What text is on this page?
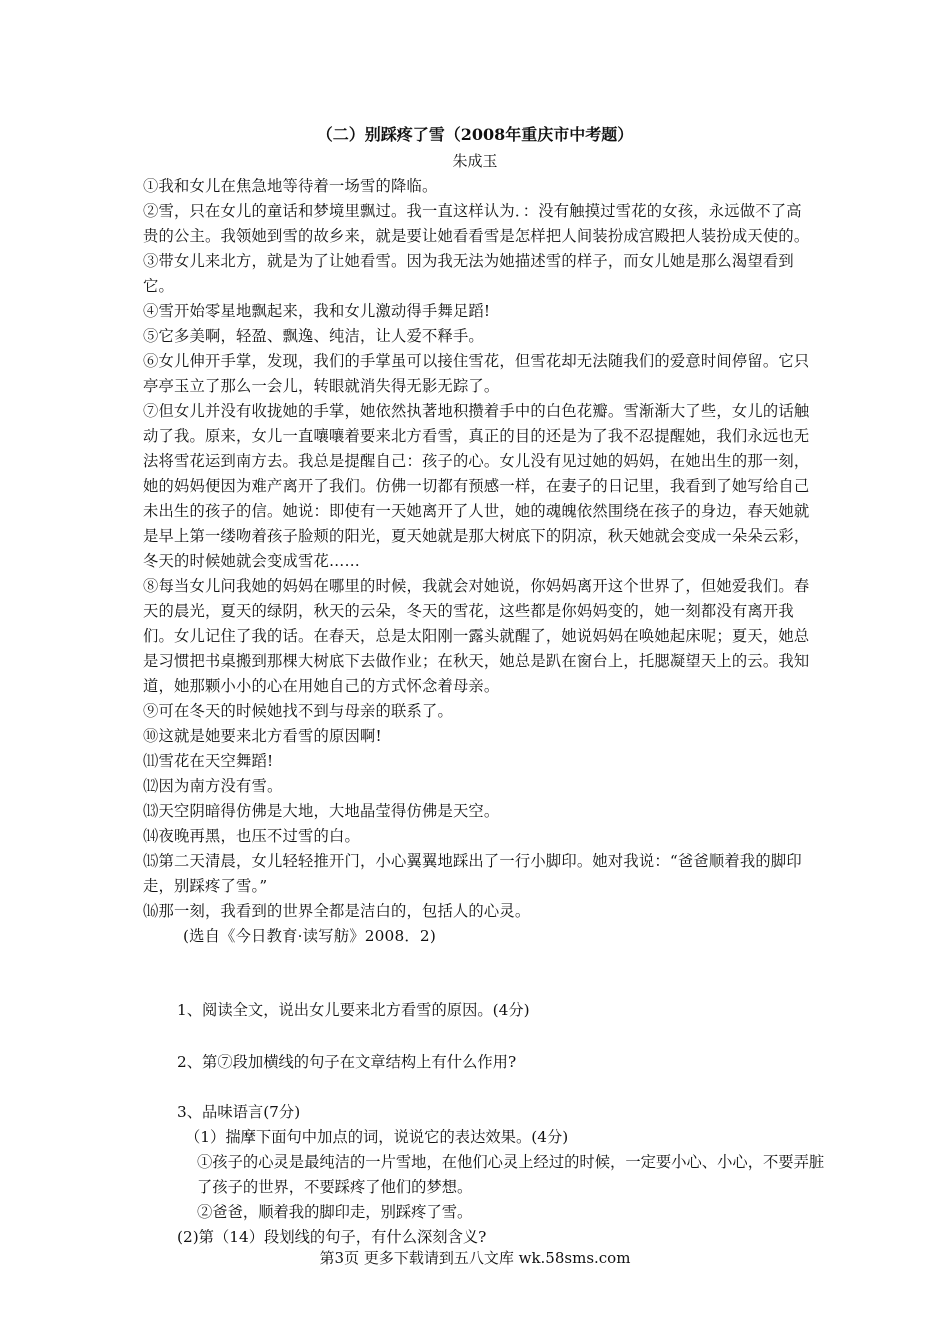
（二）别踩疼了雪（2008年重庆市中考题）
朱成玉

①我和女儿在焦急地等待着一场雪的降临。

②雪，只在女儿的童话和梦境里飘过。我一直这样认为．：没有触摸过雪花的女孩，永远做不了高贵的公主。我领她到雪的故乡来，就是要让她看看雪是怎样把人间装扮成宫殿把人装扮成天使的。

③带女儿来北方，就是为了让她看雪。因为我无法为她描述雪的样子，而女儿她是那么渴望看到它。

④雪开始零星地飘起来，我和女儿激动得手舞足蹈!

⑤它多美啊，轻盈、飘逸、纯洁，让人爱不释手。

⑥女儿伸开手掌，发现，我们的手掌虽可以接住雪花，但雪花却无法随我们的爱意时间停留。它只亭亭玉立了那么一会儿，转眼就消失得无影无踪了。

⑦但女儿并没有收拢她的手掌，她依然执著地积攒着手中的白色花瓣。雪渐渐大了些，女儿的话触动了我。原来，女儿一直嚷嚷着要来北方看雪，真正的目的还是为了我不忍提醒她，我们永远也无法将雪花运到南方去。我总是提醒自己：孩子的心。女儿没有见过她的妈妈，在她出生的那一刻，她的妈妈便因为难产离开了我们。仿佛一切都有预感一样，在妻子的日记里，我看到了她写给自己未出生的孩子的信。她说：即使有一天她离开了人世，她的魂魄依然围绕在孩子的身边，春天她就是早上第一缕吻着孩子脸颊的阳光，夏天她就是那大树底下的阴凉，秋天她就会变成一朵朵云彩，冬天的时候她就会变成雪花……

⑧每当女儿问我她的妈妈在哪里的时候，我就会对她说，你妈妈离开这个世界了，但她爱我们。春天的晨光，夏天的绿阴，秋天的云朵，冬天的雪花，这些都是你妈妈变的，她一刻都没有离开我们。女儿记住了我的话。在春天，总是太阳刚一露头就醒了，她说妈妈在唤她起床呢；夏天，她总是习惯把书桌搬到那棵大树底下去做作业；在秋天，她总是趴在窗台上，托腮凝望天上的云。我知道，她那颗小小的心在用她自己的方式怀念着母亲。

⑨可在冬天的时候她找不到与母亲的联系了。

⑩这就是她要来北方看雪的原因啊!

⑾雪花在天空舞蹈!

⑿因为南方没有雪。

⒀天空阴暗得仿佛是大地，大地晶莹得仿佛是天空。

⒁夜晚再黑，也压不过雪的白。

⒂第二天清晨，女儿轻轻推开门，小心翼翼地踩出了一行小脚印。她对我说：“爸爸顺着我的脚印走，别踩疼了雪。”

⒃那一刻，我看到的世界全都是洁白的，包括人的心灵。

(选自《今日教育·读写舫》2008．2)

1、阅读全文，说出女儿要来北方看雪的原因。(4分)
2、第⑦段加横线的句子在文章结构上有什么作用?
3、品味语言(7分)
（1）揣摩下面句中加点的词，说说它的表达效果。(4分)
①孩子的心灵是最纯洁的一片雪地，在他们心灵上经过的时候，一定要小心、小心，不要弄脏了孩子的世界，不要踩疼了他们的梦想。
②爸爸，顺着我的脚印走，别踩疼了雪。
(2)第（14）段划线的句子，有什么深刻含义?
第3页 更多下载请到五八文库 wk.58sms.com
